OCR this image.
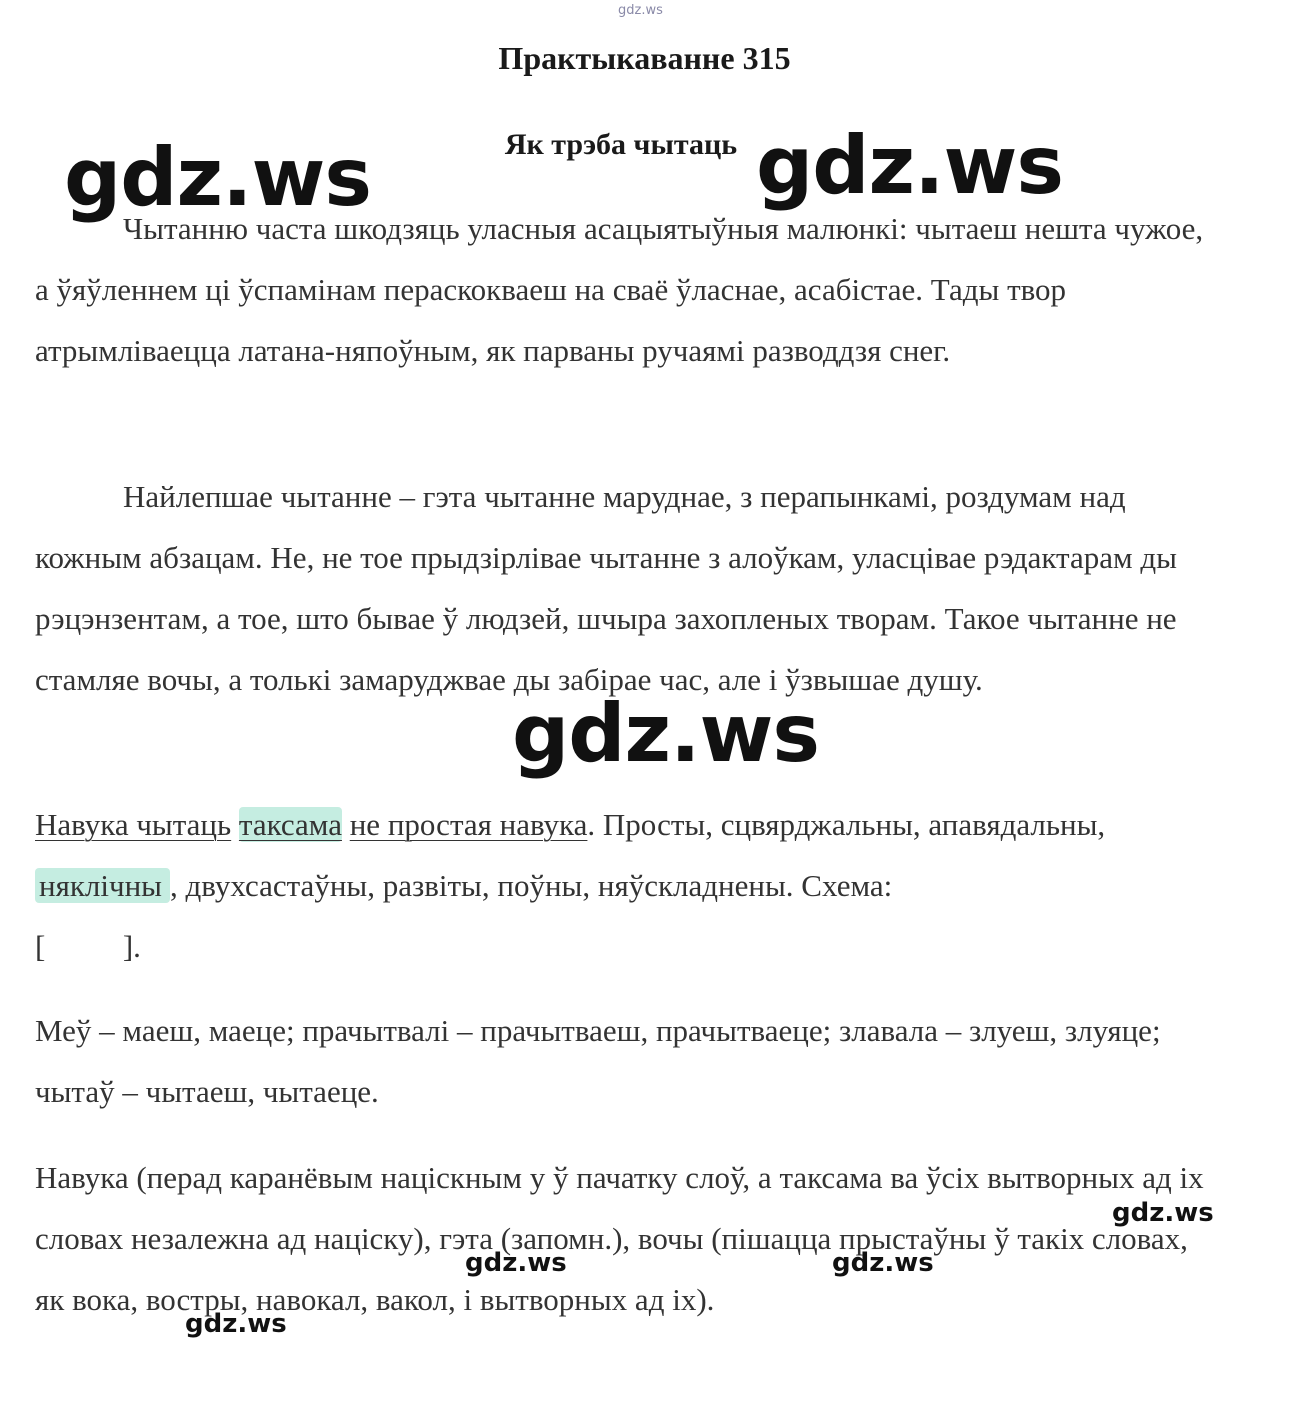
gdz.ws
Практыкаванне 315
Як трэба чытаць

Чытанню часта шкодзяць уласныя асацыятыўныя малюнкі: чытаеш нешта чужое, а ўяўленнем ці ўспамінам пераскокваеш на сваё ўласнае, асабістае. Тады твор атрымліваецца латана-няпоўным, як парваны ручаямі разводдзя снег.

Найлепшае чытанне – гэта чытанне маруднае, з перапынкамі, роздумам над кожным абзацам. Не, не тое прыдзірлівае чытанне з алоўкам, уласцівае рэдактарам ды рэцэнзентам, а тое, што бывае ў людзей, шчыра захопленых творам. Такое чытанне не стамляе вочы, а толькі замаруджвае ды забірае час, але і ўзвышае душу.

Навука чытаць таксама не простая навука. Просты, сцвярджальны, апавядальны, няклічны , двухсастаўны, развіты, поўны, няўскладнены. Схема:
[          ].

Меў – маеш, маеце; прачытвалі – прачытваеш, прачытваеце; злавала – злуеш, злуяце; чытаў – чытаеш, чытаеце.

Навука (перад каранёвым націскным у ў пачатку слоў, а таксама ва ўсіх вытворных ад іх словах незалежна ад націску), гэта (запомн.), вочы (пішацца прыстаўны ў такіх словах, як вока, востры, навокал, вакол, і вытворных ад іх).

gdz.ws	gdz.ws
gdz.ws
gdz.ws
gdz.ws	gdz.ws
gdz.ws
